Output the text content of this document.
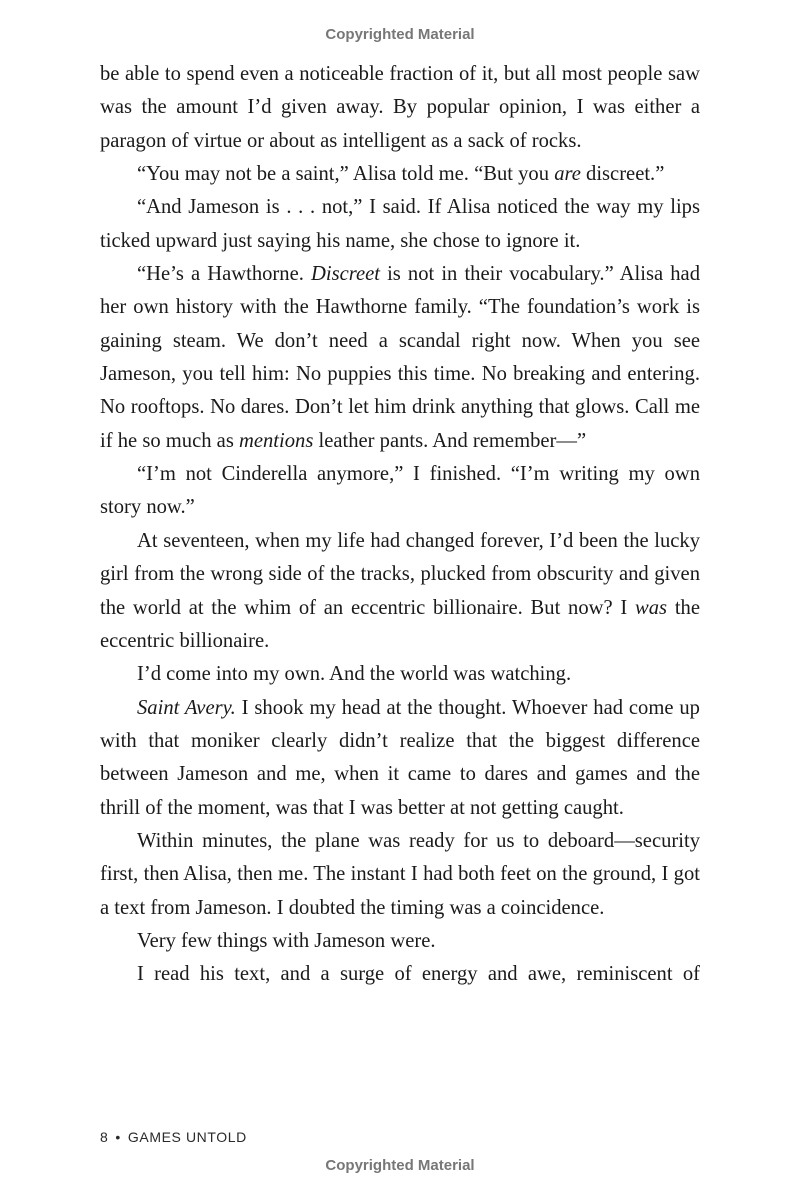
Copyrighted Material

be able to spend even a noticeable fraction of it, but all most people saw was the amount I’d given away. By popular opinion, I was either a paragon of virtue or about as intelligent as a sack of rocks.

“You may not be a saint,” Alisa told me. “But you are discreet.”

“And Jameson is . . . not,” I said. If Alisa noticed the way my lips ticked upward just saying his name, she chose to ignore it.

“He’s a Hawthorne. Discreet is not in their vocabulary.” Alisa had her own history with the Hawthorne family. “The foundation’s work is gaining steam. We don’t need a scandal right now. When you see Jameson, you tell him: No puppies this time. No breaking and entering. No rooftops. No dares. Don’t let him drink anything that glows. Call me if he so much as mentions leather pants. And remember—”

“I’m not Cinderella anymore,” I finished. “I’m writing my own story now.”

At seventeen, when my life had changed forever, I’d been the lucky girl from the wrong side of the tracks, plucked from obscurity and given the world at the whim of an eccentric billionaire. But now? I was the eccentric billionaire.

I’d come into my own. And the world was watching.

Saint Avery. I shook my head at the thought. Whoever had come up with that moniker clearly didn’t realize that the biggest difference between Jameson and me, when it came to dares and games and the thrill of the moment, was that I was better at not getting caught.

Within minutes, the plane was ready for us to deboard—security first, then Alisa, then me. The instant I had both feet on the ground, I got a text from Jameson. I doubted the timing was a coincidence.

Very few things with Jameson were.

I read his text, and a surge of energy and awe, reminiscent of

8 • GAMES UNTOLD
Copyrighted Material
